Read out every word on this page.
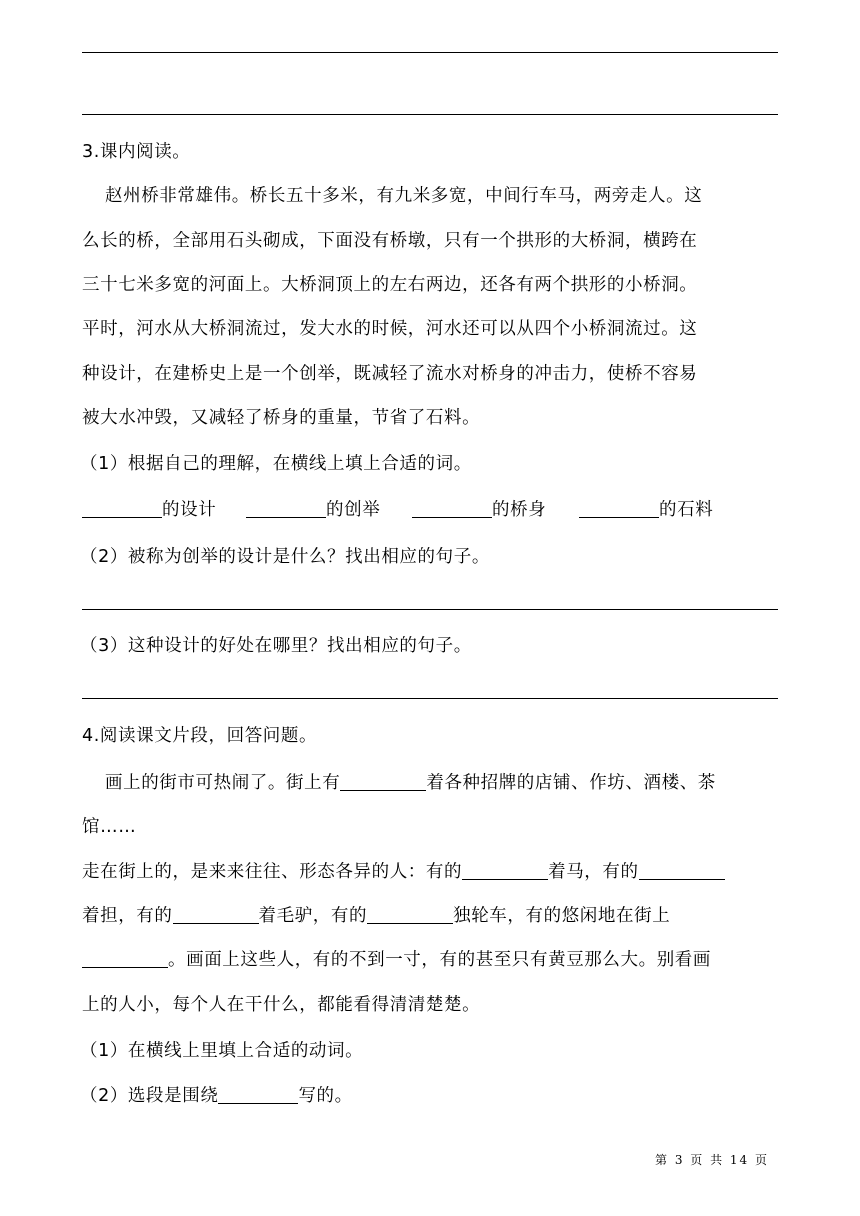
3.课内阅读。
赵州桥非常雄伟。桥长五十多米，有九米多宽，中间行车马，两旁走人。这
么长的桥，全部用石头砌成，下面没有桥墩，只有一个拱形的大桥洞，横跨在
三十七米多宽的河面上。大桥洞顶上的左右两边，还各有两个拱形的小桥洞。
平时，河水从大桥洞流过，发大水的时候，河水还可以从四个小桥洞流过。这
种设计，在建桥史上是一个创举，既减轻了流水对桥身的冲击力，使桥不容易
被大水冲毁，又减轻了桥身的重量，节省了石料。
（1）根据自己的理解，在横线上填上合适的词。
的设计	的创举	的桥身	的石料
（2）被称为创举的设计是什么？找出相应的句子。
（3）这种设计的好处在哪里？找出相应的句子。
4.阅读课文片段，回答问题。
画上的街市可热闹了。街上有	着各种招牌的店铺、作坊、酒楼、茶
馆……
走在街上的，是来来往往、形态各异的人：有的	着马，有的
着担，有的	着毛驴，有的	独轮车，有的悠闲地在街上
。画面上这些人，有的不到一寸，有的甚至只有黄豆那么大。别看画
上的人小，每个人在干什么，都能看得清清楚楚。
（1）在横线上里填上合适的动词。
（2）选段是围绕	写的。
第 3 页 共 14 页
